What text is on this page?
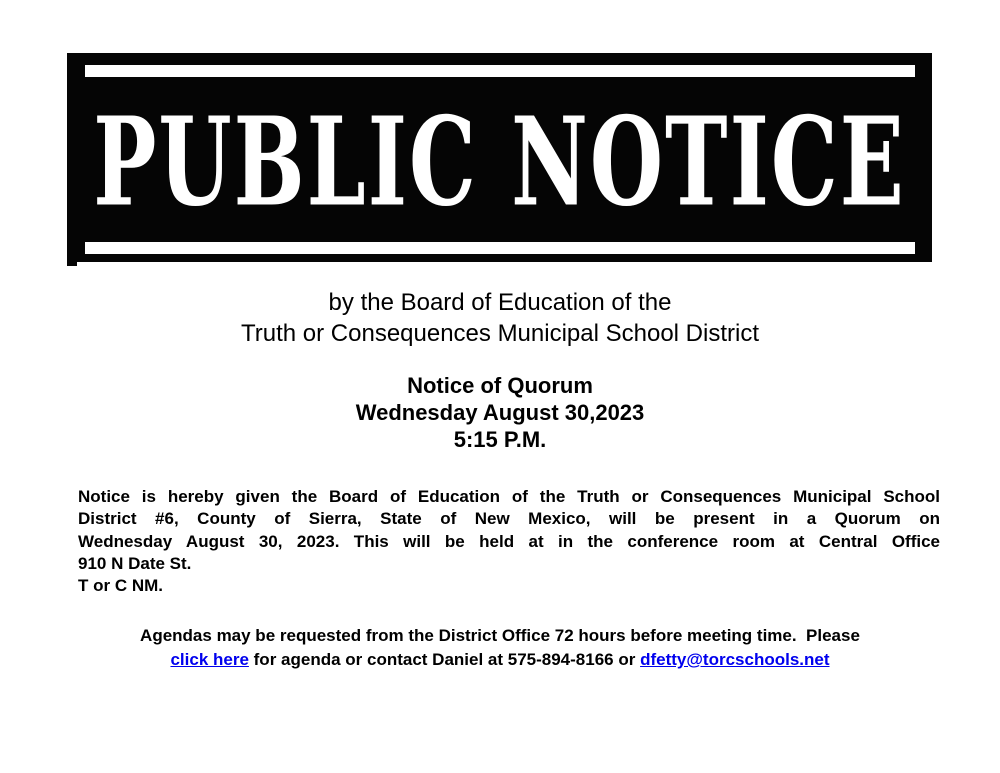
PUBLIC NOTICE
by the Board of Education of the
Truth or Consequences Municipal School District
Notice of Quorum
Wednesday August 30,2023
5:15 P.M.
Notice is hereby given the Board of Education of the Truth or Consequences Municipal School
District #6, County of Sierra, State of New Mexico, will be present in a Quorum on
Wednesday August 30, 2023. This will be held at in the conference room at Central Office
910 N Date St.
T or C NM.
Agendas may be requested from the District Office 72 hours before meeting time.  Please
click here for agenda or contact Daniel at 575-894-8166 or dfetty@torcschools.net
